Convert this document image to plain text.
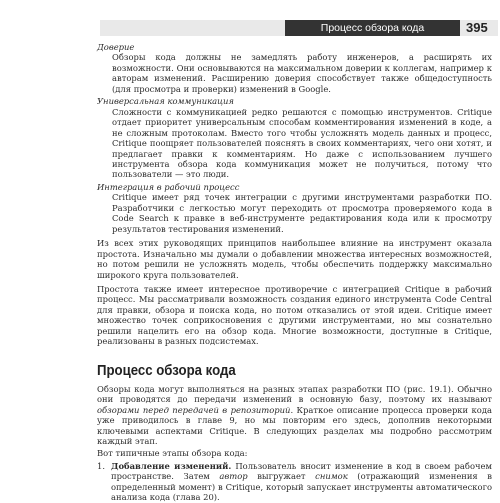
Процесс обзора кода	395

Доверие

Обзоры кода должны не замедлять работу инженеров, а расширять их возможности. Они основываются на максимальном доверии к коллегам, например к авторам изменений. Расширению доверия способствует также общедоступность (для просмотра и проверки) изменений в Google.

Универсальная коммуникация

Сложности с коммуникацией редко решаются с помощью инструментов. Critique отдает приоритет универсальным способам комментирования изменений в коде, а не сложным протоколам. Вместо того чтобы усложнять модель данных и процесс, Critique поощряет пользователей пояснять в своих комментариях, чего они хотят, и предлагает правки к комментариям. Но даже с использованием лучшего инструмента обзора кода коммуникация может не получиться, потому что пользователи — это люди.

Интеграция в рабочий процесс

Critique имеет ряд точек интеграции с другими инструментами разработки ПО. Разработчики с легкостью могут переходить от просмотра проверяемого кода в Code Search к правке в веб-инструменте редактирования кода или к просмотру результатов тестирования изменений.

Из всех этих руководящих принципов наибольшее влияние на инструмент оказала простота. Изначально мы думали о добавлении множества интересных возможностей, но потом решили не усложнять модель, чтобы обеспечить поддержку максимально широкого круга пользователей.

Простота также имеет интересное противоречие с интеграцией Critique в рабочий процесс. Мы рассматривали возможность создания единого инструмента Code Central для правки, обзора и поиска кода, но потом отказались от этой идеи. Critique имеет множество точек соприкосновения с другими инструментами, но мы сознательно решили нацелить его на обзор кода. Многие возможности, доступные в Critique, реализованы в разных подсистемах.

Процесс обзора кода

Обзоры кода могут выполняться на разных этапах разработки ПО (рис. 19.1). Обычно они проводятся до передачи изменений в основную базу, поэтому их называют обзорами перед передачей в репозиторий. Краткое описание процесса проверки кода уже приводилось в главе 9, но мы повторим его здесь, дополнив некоторыми ключевыми аспектами Critique. В следующих разделах мы подробно рассмотрим каждый этап.

Вот типичные этапы обзора кода:

1. Добавление изменений. Пользователь вносит изменение в код в своем рабочем пространстве. Затем автор выгружает снимок (отражающий изменения в определенный момент) в Critique, который запускает инструменты автоматического анализа кода (глава 20).
